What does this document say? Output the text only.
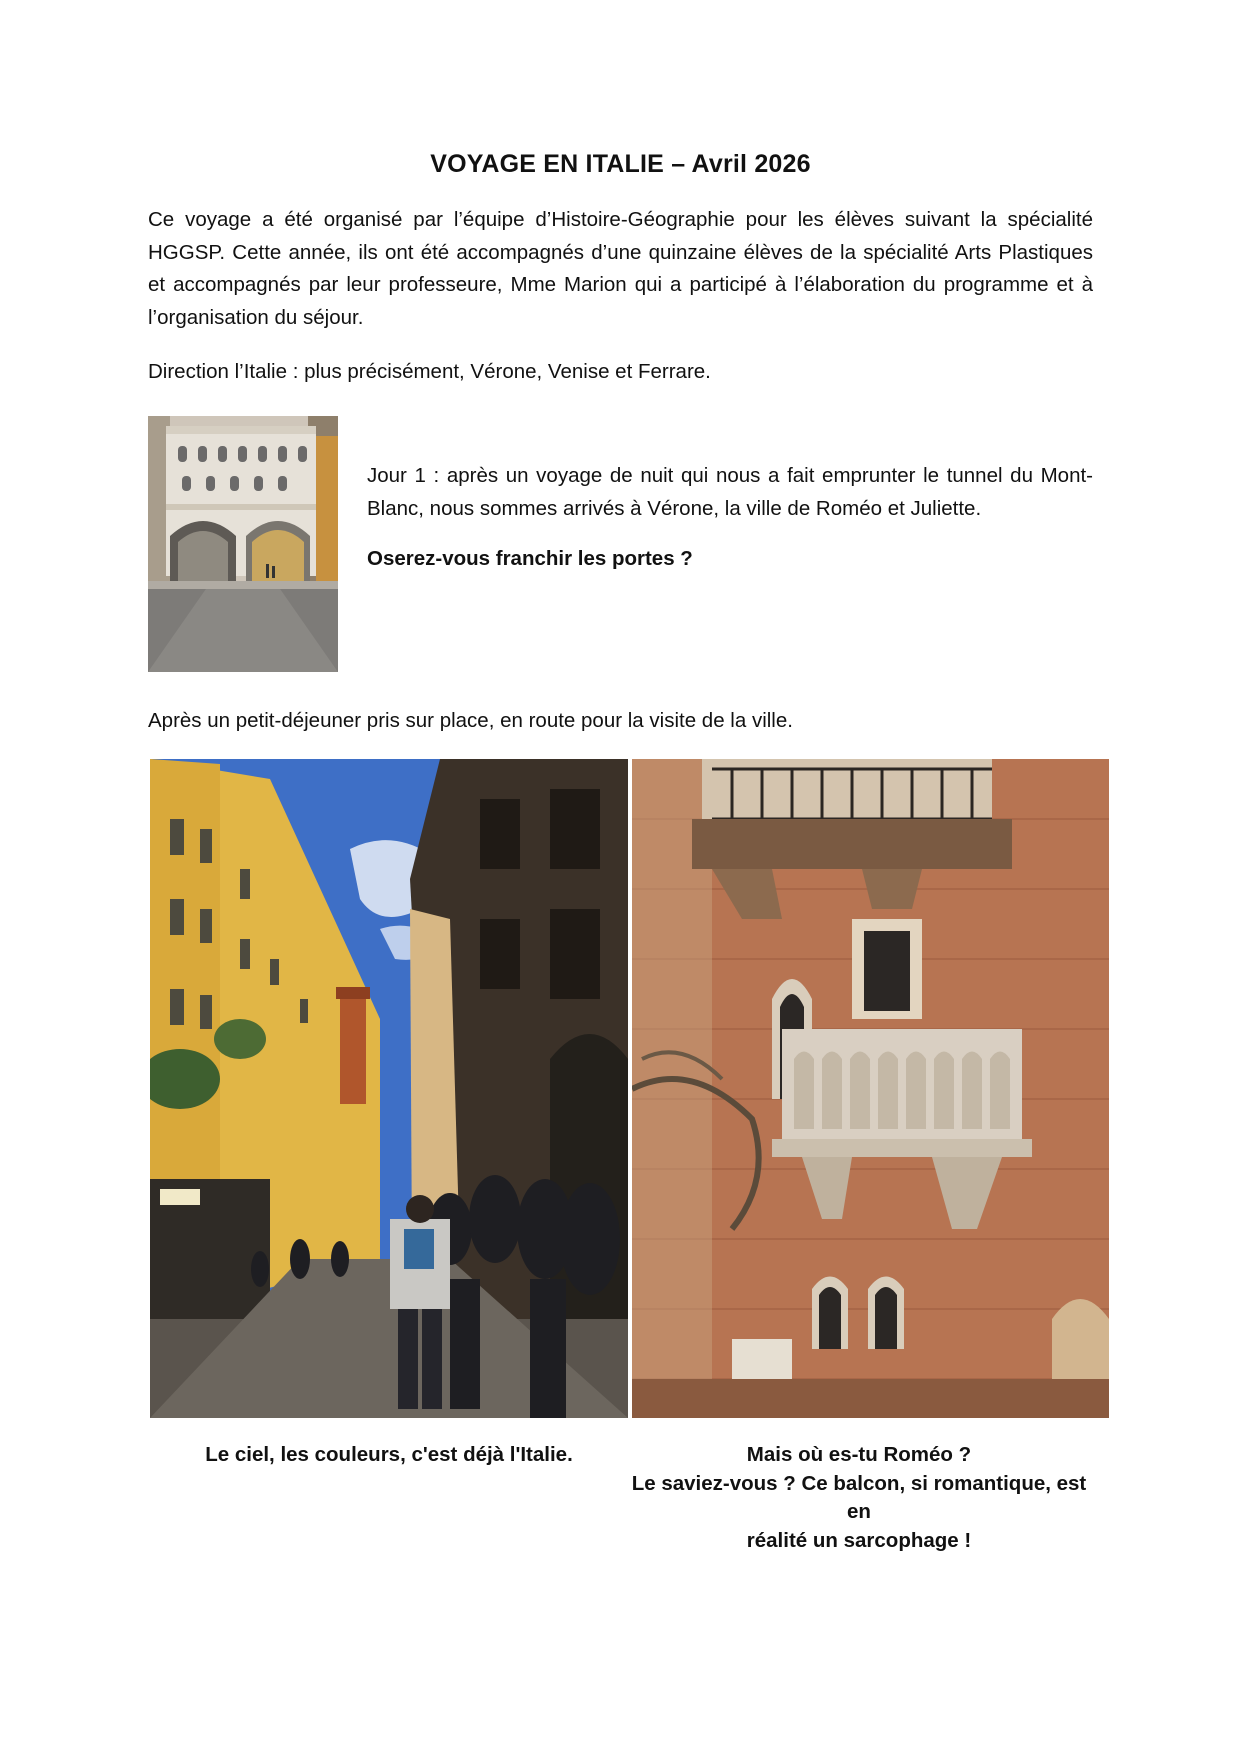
VOYAGE EN ITALIE – Avril 2026
Ce voyage a été organisé par l’équipe d’Histoire-Géographie pour les élèves suivant la spécialité HGGSP. Cette année, ils ont été accompagnés d’une quinzaine élèves de la spécialité Arts Plastiques et accompagnés par leur professeure, Mme Marion qui a participé à l’élaboration du programme et à l’organisation du séjour.
Direction l’Italie : plus précisément, Vérone, Venise et Ferrare.

Jour 1 : après un voyage de nuit qui nous a fait emprunter le tunnel du Mont-Blanc, nous sommes arrivés à Vérone, la ville de Roméo et Juliette.

Oserez-vous franchir les portes ?

Après un petit-déjeuner pris sur place, en route pour la visite de la ville.
Le ciel, les couleurs, c'est déjà l'Italie.	Mais où es-tu Roméo ?
Le saviez-vous ? Ce balcon, si romantique, est en
réalité un sarcophage !
